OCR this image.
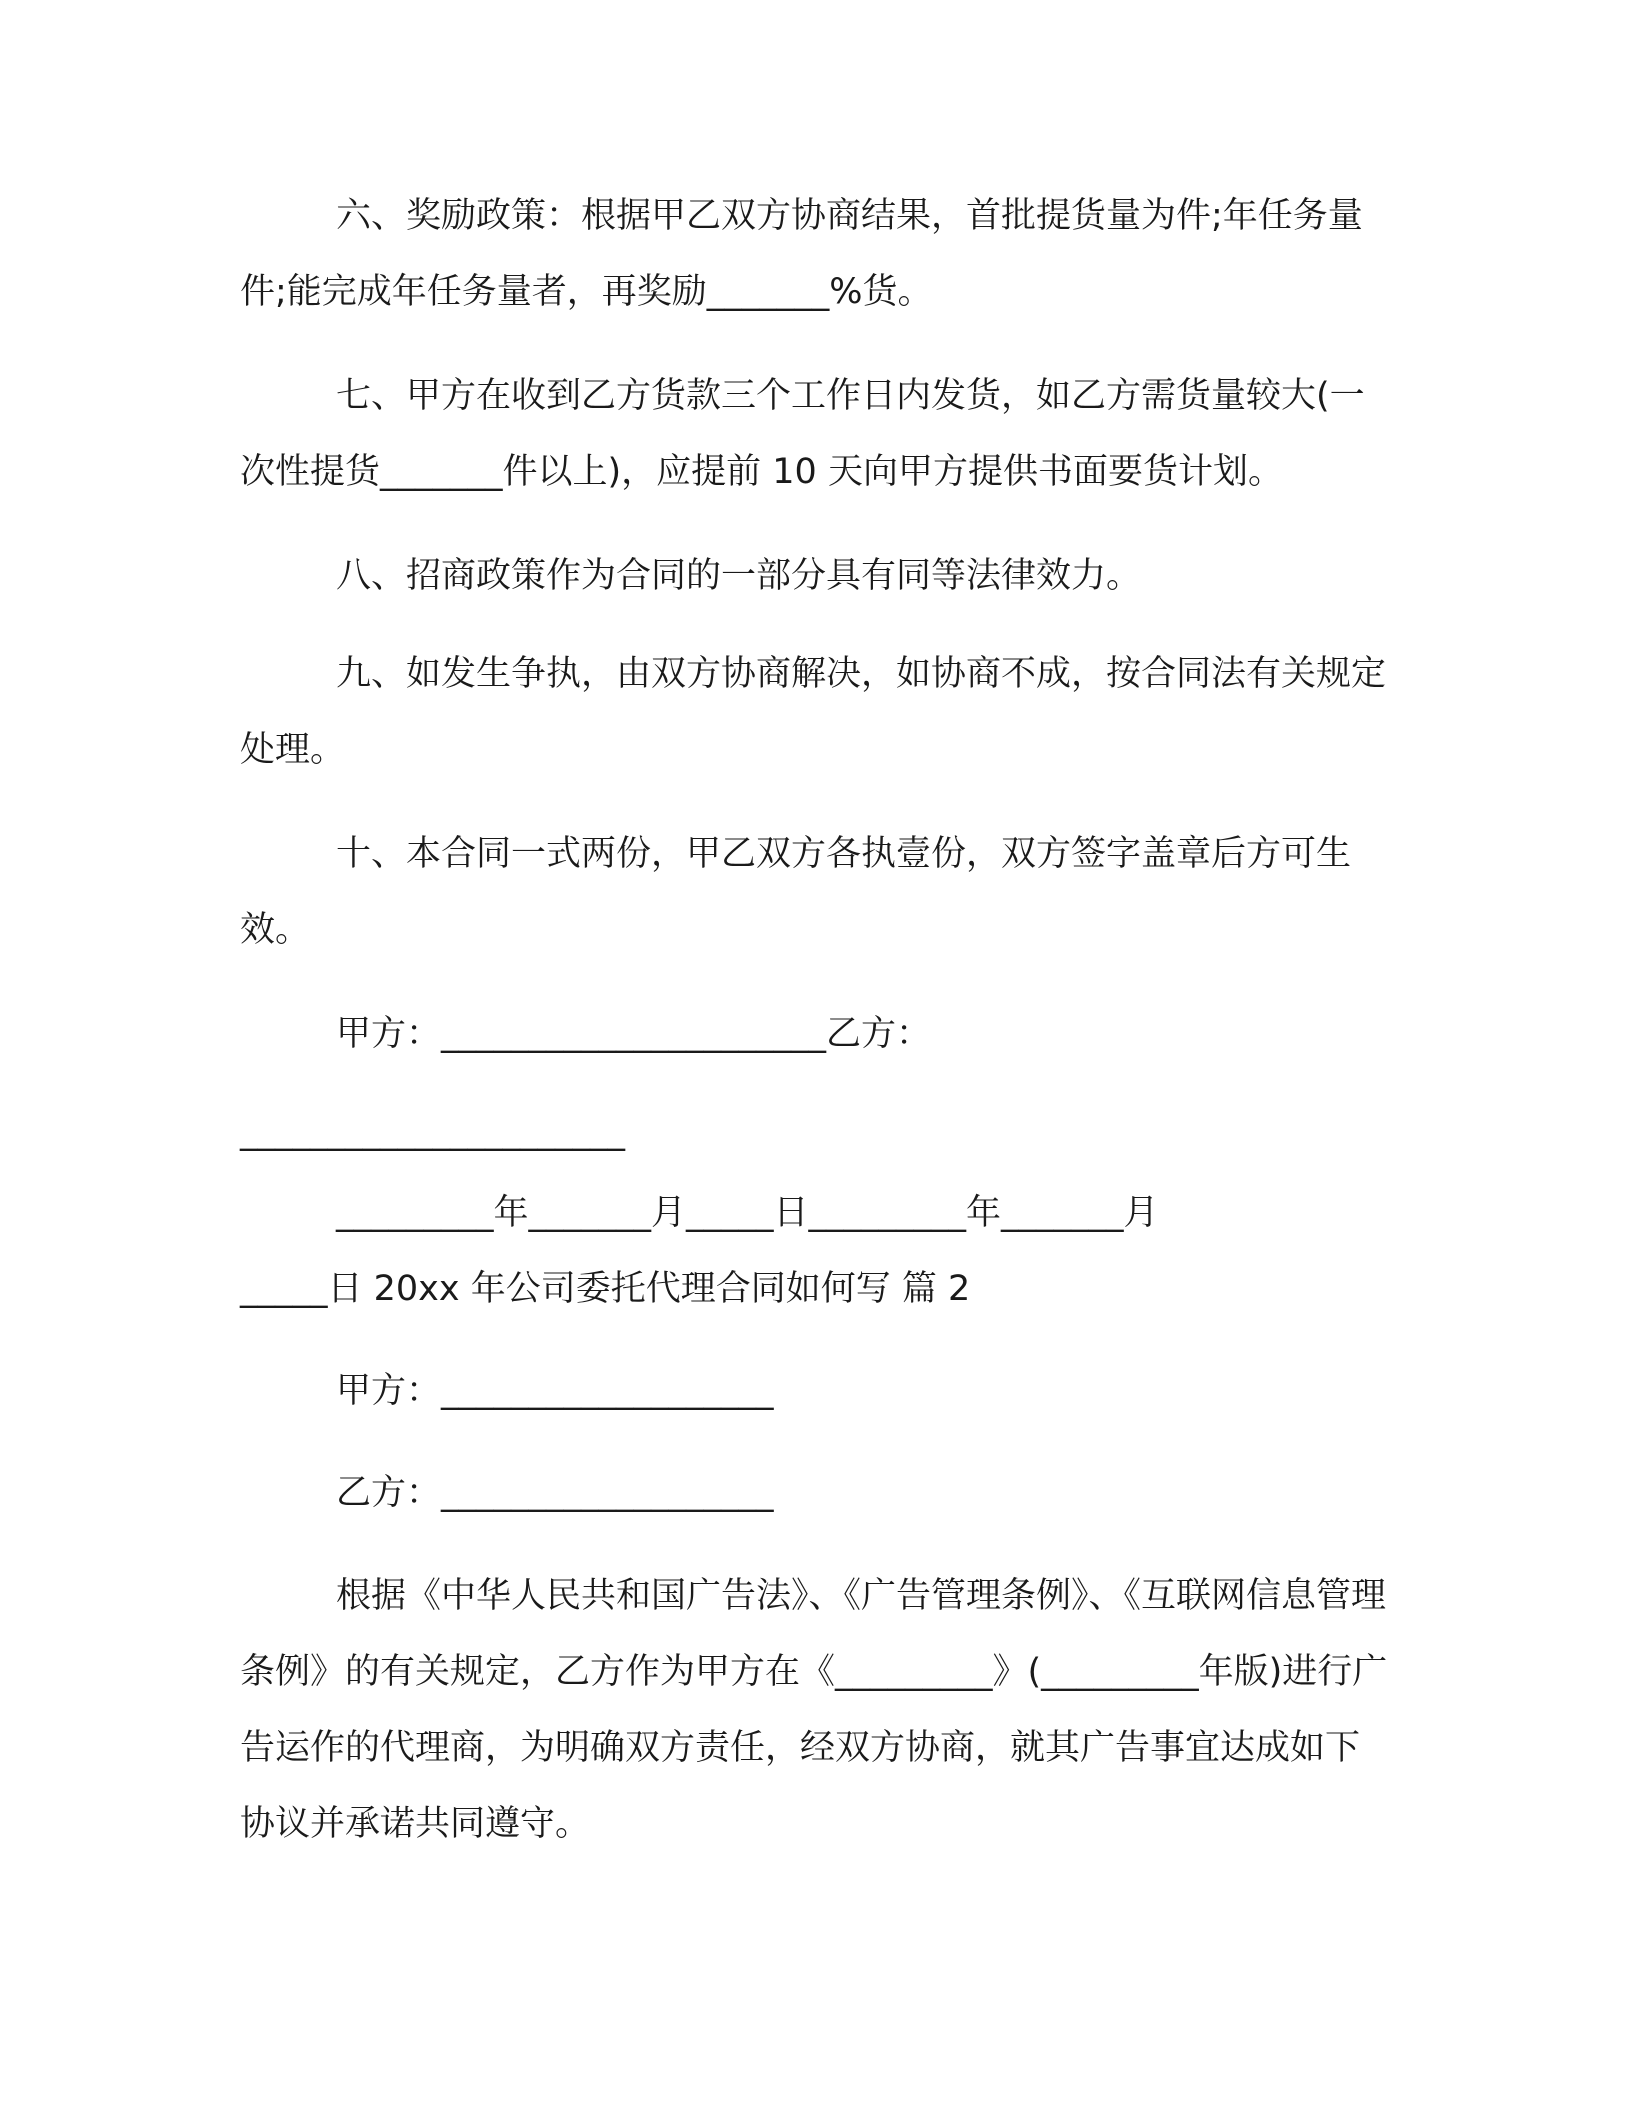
六、奖励政策：根据甲乙双方协商结果，首批提货量为件;年任务量件;能完成年任务量者，再奖励_______%货。

七、甲方在收到乙方货款三个工作日内发货，如乙方需货量较大(一次性提货_______件以上)，应提前 10 天向甲方提供书面要货计划。

八、招商政策作为合同的一部分具有同等法律效力。

九、如发生争执，由双方协商解决，如协商不成，按合同法有关规定处理。

十、本合同一式两份，甲乙双方各执壹份，双方签字盖章后方可生效。

甲方：______________________乙方：

______________________

_________年_______月_____日_________年_______月

_____日 20xx 年公司委托代理合同如何写 篇 2

甲方：___________________

乙方：___________________

根据《中华人民共和国广告法》、《广告管理条例》、《互联网信息管理条例》的有关规定，乙方作为甲方在《_________》(_________年版)进行广告运作的代理商，为明确双方责任，经双方协商，就其广告事宜达成如下协议并承诺共同遵守。
